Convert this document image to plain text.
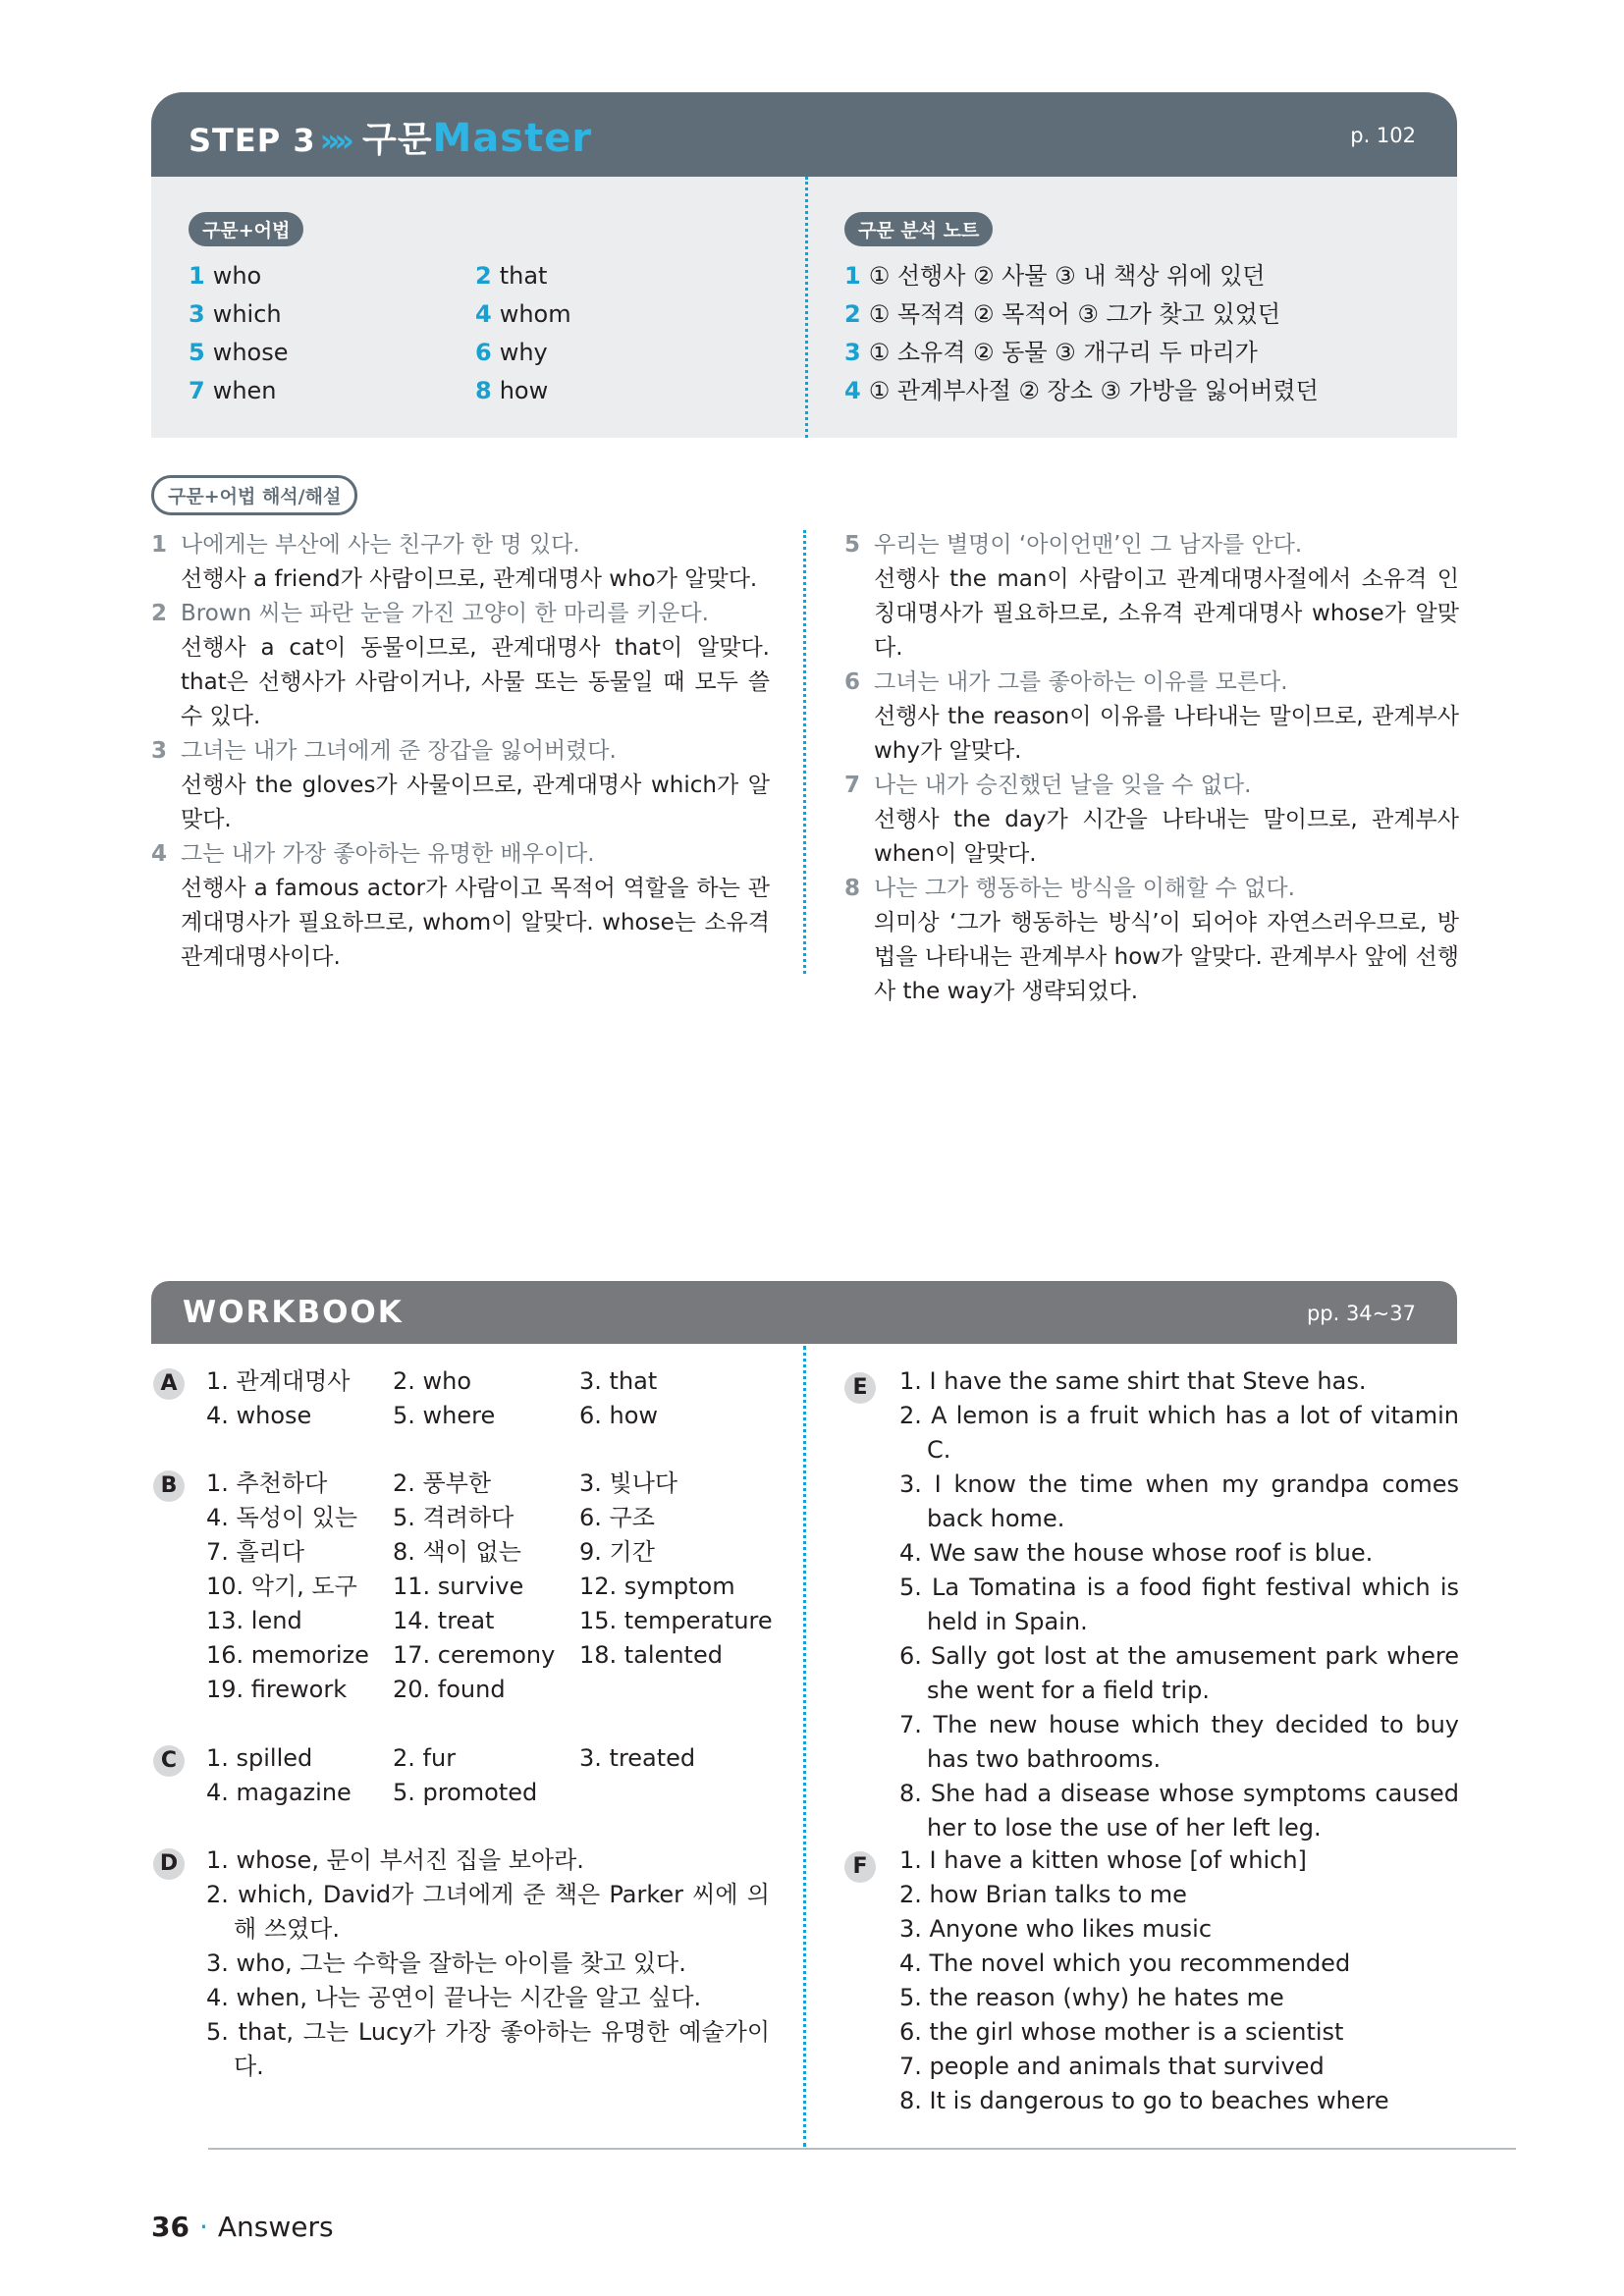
STEP 3 »» 구문Master	p. 102
구문+어법
1 who	2 that
3 which	4 whom
5 whose	6 why
7 when	8 how
구문 분석 노트
1 ① 선행사 ② 사물 ③ 내 책상 위에 있던
2 ① 목적격 ② 목적어 ③ 그가 찾고 있었던
3 ① 소유격 ② 동물 ③ 개구리 두 마리가
4 ① 관계부사절 ② 장소 ③ 가방을 잃어버렸던
구문+어법 해석/해설
1 나에게는 부산에 사는 친구가 한 명 있다.
선행사 a friend가 사람이므로, 관계대명사 who가 알맞다.
2 Brown 씨는 파란 눈을 가진 고양이 한 마리를 키운다.
선행사 a cat이 동물이므로, 관계대명사 that이 알맞다. that은 선행사가 사람이거나, 사물 또는 동물일 때 모두 쓸 수 있다.
3 그녀는 내가 그녀에게 준 장갑을 잃어버렸다.
선행사 the gloves가 사물이므로, 관계대명사 which가 알맞다.
4 그는 내가 가장 좋아하는 유명한 배우이다.
선행사 a famous actor가 사람이고 목적어 역할을 하는 관계대명사가 필요하므로, whom이 알맞다. whose는 소유격 관계대명사이다.
5 우리는 별명이 ‘아이언맨’인 그 남자를 안다.
선행사 the man이 사람이고 관계대명사절에서 소유격 인칭대명사가 필요하므로, 소유격 관계대명사 whose가 알맞다.
6 그녀는 내가 그를 좋아하는 이유를 모른다.
선행사 the reason이 이유를 나타내는 말이므로, 관계부사 why가 알맞다.
7 나는 내가 승진했던 날을 잊을 수 없다.
선행사 the day가 시간을 나타내는 말이므로, 관계부사 when이 알맞다.
8 나는 그가 행동하는 방식을 이해할 수 없다.
의미상 ‘그가 행동하는 방식’이 되어야 자연스러우므로, 방법을 나타내는 관계부사 how가 알맞다. 관계부사 앞에 선행사 the way가 생략되었다.
WORKBOOK	pp. 34~37
A	1. 관계대명사	2. who	3. that
4. whose	5. where	6. how
B	1. 추천하다	2. 풍부한	3. 빛나다
4. 독성이 있는	5. 격려하다	6. 구조
7. 흘리다	8. 색이 없는	9. 기간
10. 악기, 도구	11. survive	12. symptom
13. lend	14. treat	15. temperature
16. memorize	17. ceremony	18. talented
19. firework	20. found
C	1. spilled	2. fur	3. treated
4. magazine	5. promoted
D 1. whose, 문이 부서진 집을 보아라.
2. which, David가 그녀에게 준 책은 Parker 씨에 의해 쓰였다.
3. who, 그는 수학을 잘하는 아이를 찾고 있다.
4. when, 나는 공연이 끝나는 시간을 알고 싶다.
5. that, 그는 Lucy가 가장 좋아하는 유명한 예술가이다.
E	1. I have the same shirt that Steve has.
2. A lemon is a fruit which has a lot of vitamin C.
3. I know the time when my grandpa comes back home.
4. We saw the house whose roof is blue.
5. La Tomatina is a food fight festival which is held in Spain.
6. Sally got lost at the amusement park where she went for a field trip.
7. The new house which they decided to buy has two bathrooms.
8. She had a disease whose symptoms caused her to lose the use of her left leg.
F	1. I have a kitten whose [of which]
2. how Brian talks to me
3. Anyone who likes music
4. The novel which you recommended
5. the reason (why) he hates me
6. the girl whose mother is a scientist
7. people and animals that survived
8. It is dangerous to go to beaches where
36 · Answers
